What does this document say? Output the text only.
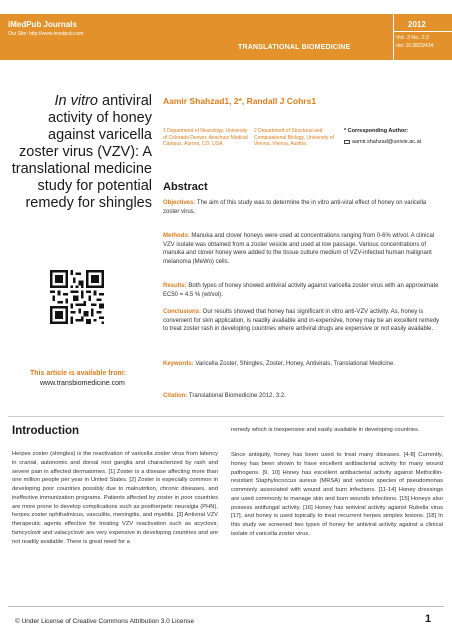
iMedPub Journals
Our Site: http://www.imedpub.com
TRANSLATIONAL BIOMEDICINE
2012
Vol. 3 No. 2:2
doi: 10.3823/434
In vitro antiviral activity of honey against varicella zoster virus (VZV): A translational medicine study for potential remedy for shingles
Aamir Shahzad1, 2*, Randall J Cohrs1
1 Department of Neurology, University of Colorado Denver, Anschutz Medical Campus, Aurora, CO, USA.
2 Department of Structural and Computational Biology, University of Vienna, Vienna, Austria.
* Corresponding Author:
aamir.shahzad@univie.ac.at
Abstract
Objectives: The aim of this study was to determine the in vitro anti-viral effect of honey on varicella zoster virus.
Methods: Manuka and clover honeys were used at concentrations ranging from 0-6% wt/vol. A clinical VZV isolate was obtained from a zoster vesicle and used at low passage. Various concentrations of manuka and clover honey were added to the tissue culture medium of VZV-infected human malignant melanoma (MeWo) cells.
Results: Both types of honey showed antiviral activity against varicella zoster virus with an approximate EC50 = 4.5 % (wt/vol).
Conclusions: Our results showed that honey has significant in vitro anti-VZV activity. As, honey is convenient for skin application, is readily available and in-expensive, honey may be an excellent remedy to treat zoster rash in developing countries where antiviral drugs are expensive or not easily available.
Keywords: Varicella Zoster, Shingles, Zoster, Honey, Antivirals, Translational Medicine.
Citation: Translational Biomedicine 2012, 3:2.
This article is available from:
www.transbiomedicine.com
Introduction
Herpes zoster (shingles) is the reactivation of varicella zoster virus from latency in cranial, autonomic and dorsal root ganglia and characterized by rash and severe pain in affected dermatomes. [1] Zoster is a disease affecting more than one million people per year in United States. [2] Zoster is especially common in developing poor countries possibly due to malnutrition, chronic diseases, and ineffective immunization programs. Patients affected by zoster in poor countries are more prone to develop complications such as postherpetic neuralgia (PHN), herpes zoster ophthalmicus, vasculitis, meningitis, and myelitis. [3] Antiviral VZV therapeutic agents effective for treating VZV reactivation such as acyclovir, famcyclovir and valacyclovir are very expensive in developing countries and are not readily available. There is great need for a
remedy which is inexpensive and easily available in developing countries.
Since antiquity, honey has been used to treat many diseases. [4-8] Currently, honey has been shown to have excellent antibacterial activity for many wound pathogens. [9, 10] Honey has excellent antibacterial activity against Methicillin-resistant Staphylococcus aureus (MRSA) and various species of pseudomonas commonly associated with wound and burn infections. [11-14] Honey dressings are used commonly to manage skin and burn wounds infections. [15] Honeys also possess antifungal activity. [16] Honey has antiviral activity against Rubella virus [17], and honey is used topically to treat recurrent herpes simplex lesions. [18] In this study we screened two types of honey for antiviral activity against a clinical isolate of varicella zoster virus.
© Under License of Creative Commons Attribution 3.0 License	1
